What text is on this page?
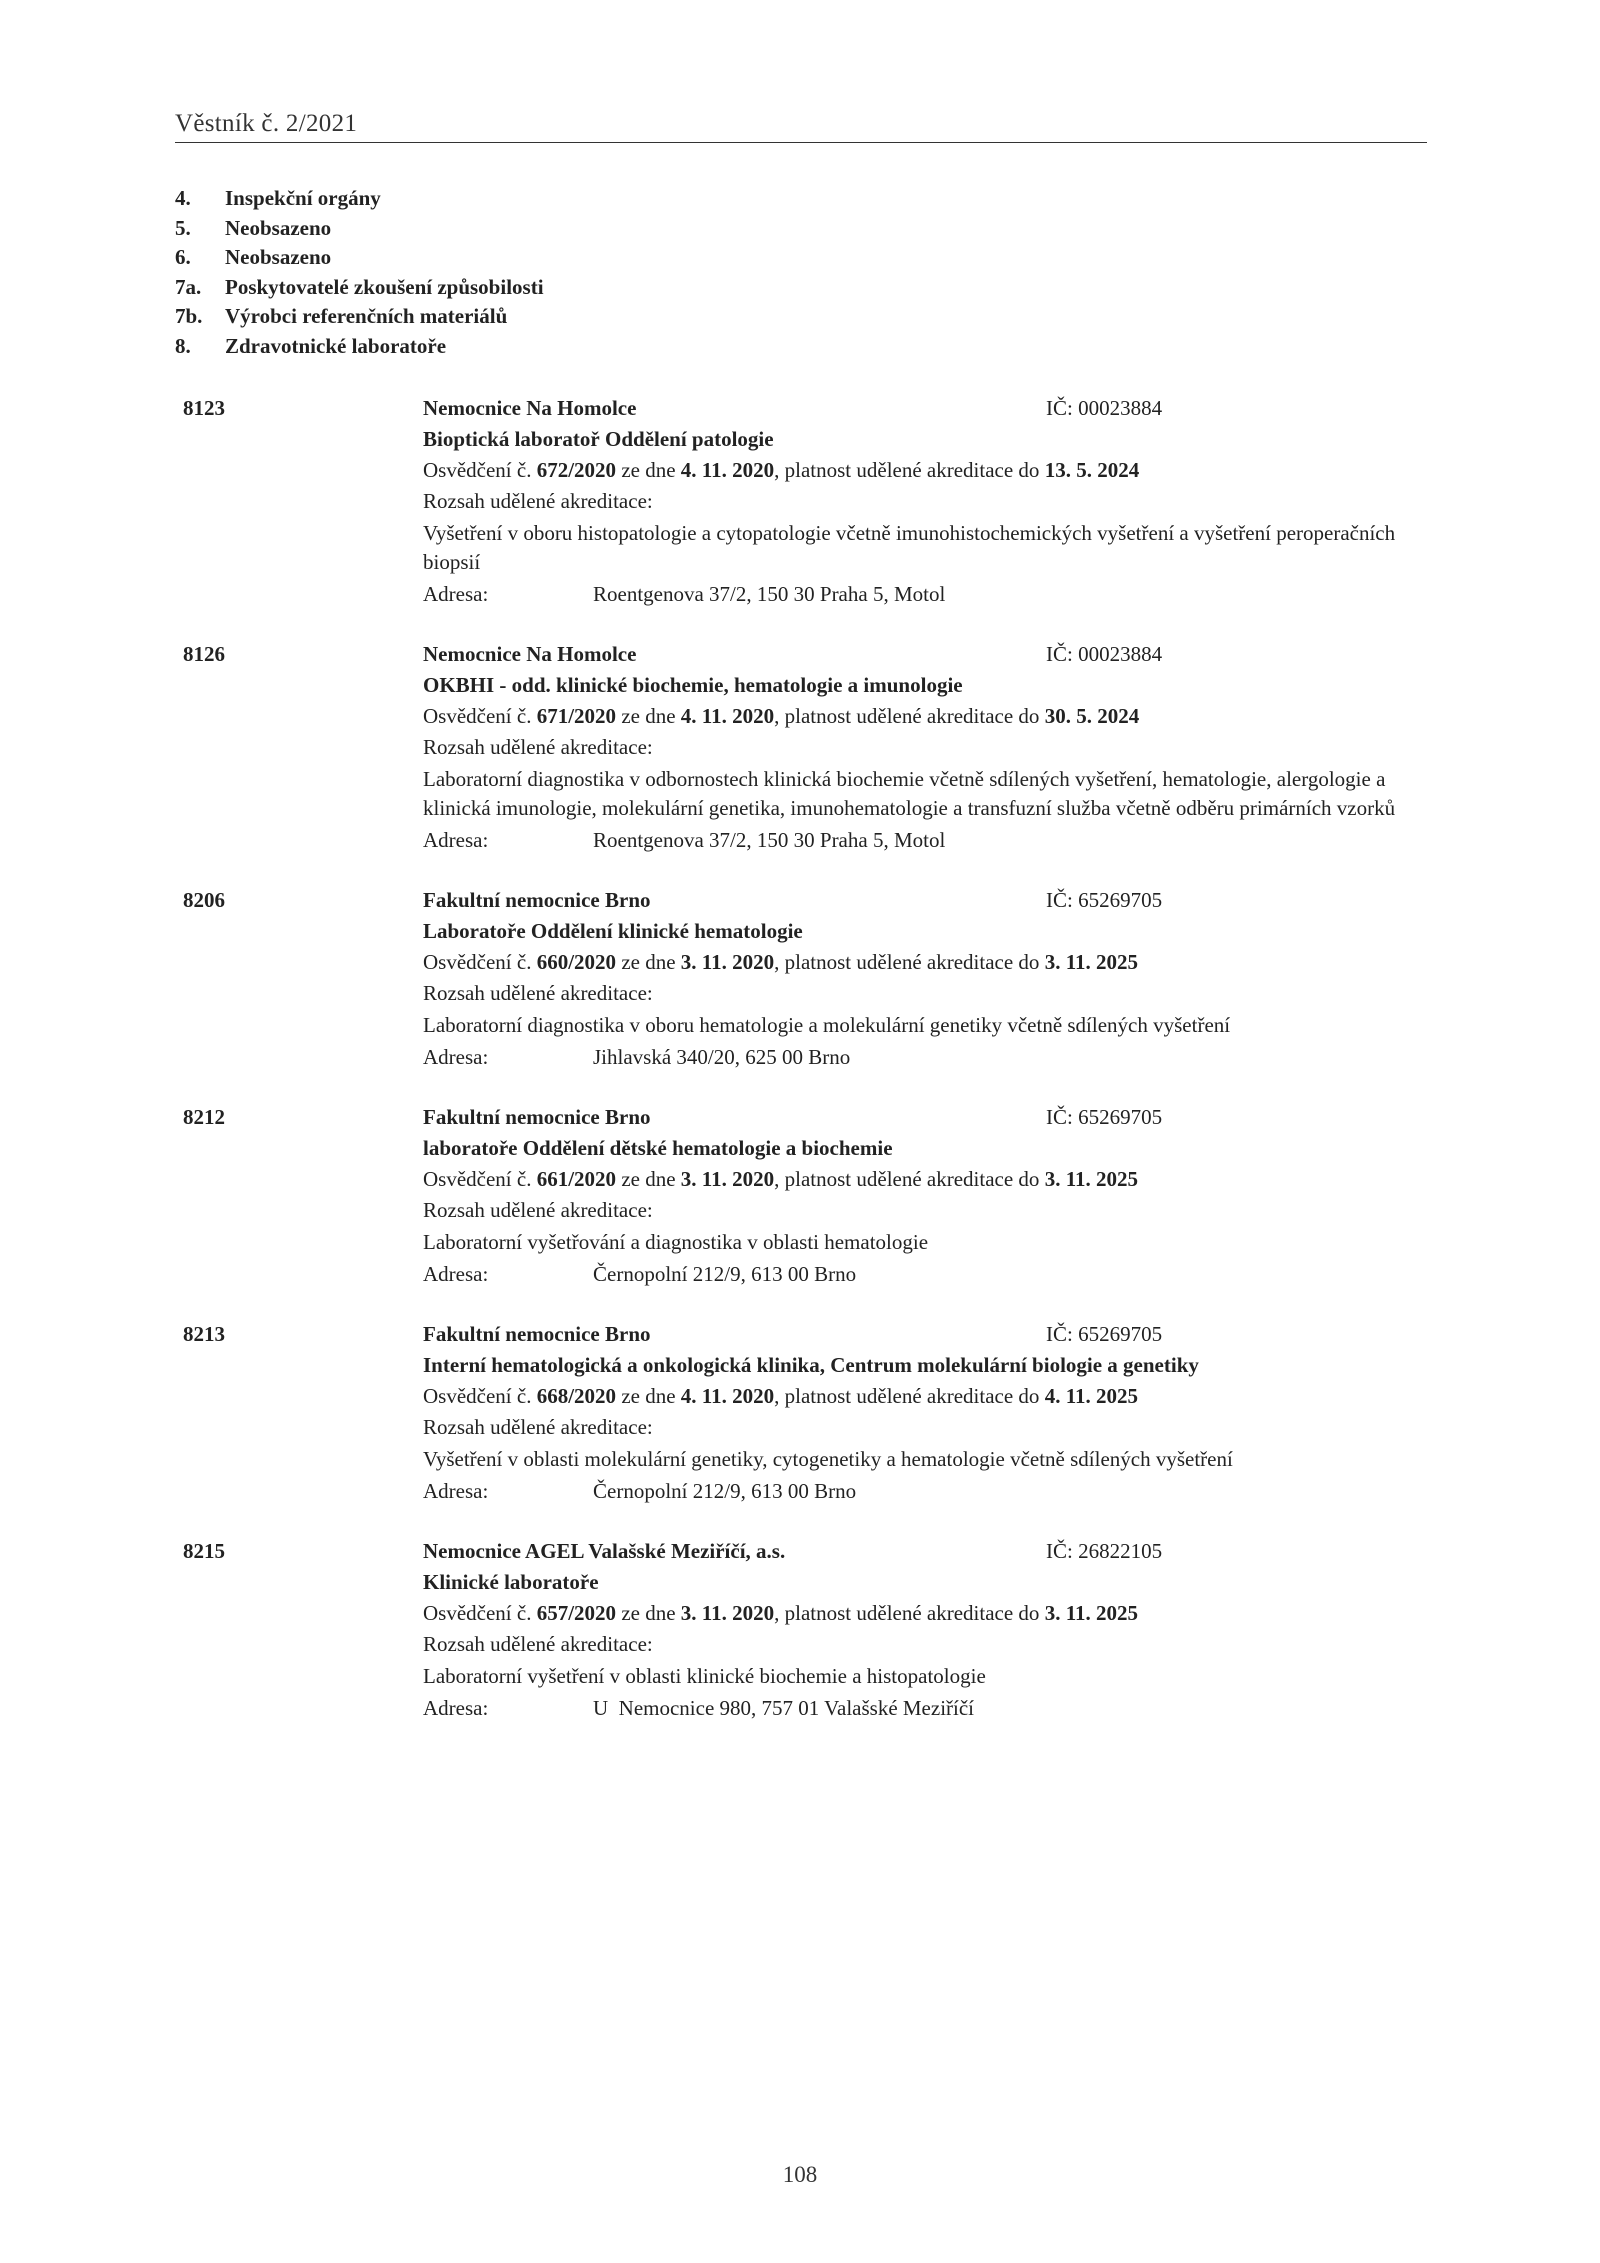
Věstník č. 2/2021
4.	Inspekční orgány
5.	Neobsazeno
6.	Neobsazeno
7a.	Poskytovatelé zkoušení způsobilosti
7b.	Výrobci referenčních materiálů
8.	Zdravotnické laboratoře
8123	Nemocnice Na Homolce	IČ: 00023884
Bioptická laboratoř Oddělení patologie
Osvědčení č. 672/2020 ze dne 4. 11. 2020, platnost udělené akreditace do 13. 5. 2024
Rozsah udělené akreditace:
Vyšetření v oboru histopatologie a cytopatologie včetně imunohistochemických vyšetření a vyšetření peroperačních biopsií
Adresa:	Roentgenova 37/2, 150 30 Praha 5, Motol
8126	Nemocnice Na Homolce	IČ: 00023884
OKBHI - odd. klinické biochemie, hematologie a imunologie
Osvědčení č. 671/2020 ze dne 4. 11. 2020, platnost udělené akreditace do 30. 5. 2024
Rozsah udělené akreditace:
Laboratorní diagnostika v odbornostech klinická biochemie včetně sdílených vyšetření, hematologie, alergologie a klinická imunologie, molekulární genetika, imunohematologie a transfuzní služba včetně odběru primárních vzorků
Adresa:	Roentgenova 37/2, 150 30 Praha 5, Motol
8206	Fakultní nemocnice Brno	IČ: 65269705
Laboratoře Oddělení klinické hematologie
Osvědčení č. 660/2020 ze dne 3. 11. 2020, platnost udělené akreditace do 3. 11. 2025
Rozsah udělené akreditace:
Laboratorní diagnostika v oboru hematologie a molekulární genetiky včetně sdílených vyšetření
Adresa:	Jihlavská 340/20, 625 00 Brno
8212	Fakultní nemocnice Brno	IČ: 65269705
laboratoře Oddělení dětské hematologie a biochemie
Osvědčení č. 661/2020 ze dne 3. 11. 2020, platnost udělené akreditace do 3. 11. 2025
Rozsah udělené akreditace:
Laboratorní vyšetřování a diagnostika v oblasti hematologie
Adresa:	Černopolní 212/9, 613 00 Brno
8213	Fakultní nemocnice Brno	IČ: 65269705
Interní hematologická a onkologická klinika, Centrum molekulární biologie a genetiky
Osvědčení č. 668/2020 ze dne 4. 11. 2020, platnost udělené akreditace do 4. 11. 2025
Rozsah udělené akreditace:
Vyšetření v oblasti molekulární genetiky, cytogenetiky a hematologie včetně sdílených vyšetření
Adresa:	Černopolní 212/9, 613 00 Brno
8215	Nemocnice AGEL Valašské Meziříčí, a.s.	IČ: 26822105
Klinické laboratoře
Osvědčení č. 657/2020 ze dne 3. 11. 2020, platnost udělené akreditace do 3. 11. 2025
Rozsah udělené akreditace:
Laboratorní vyšetření v oblasti klinické biochemie a histopatologie
Adresa:	U  Nemocnice 980, 757 01 Valašské Meziříčí
108
